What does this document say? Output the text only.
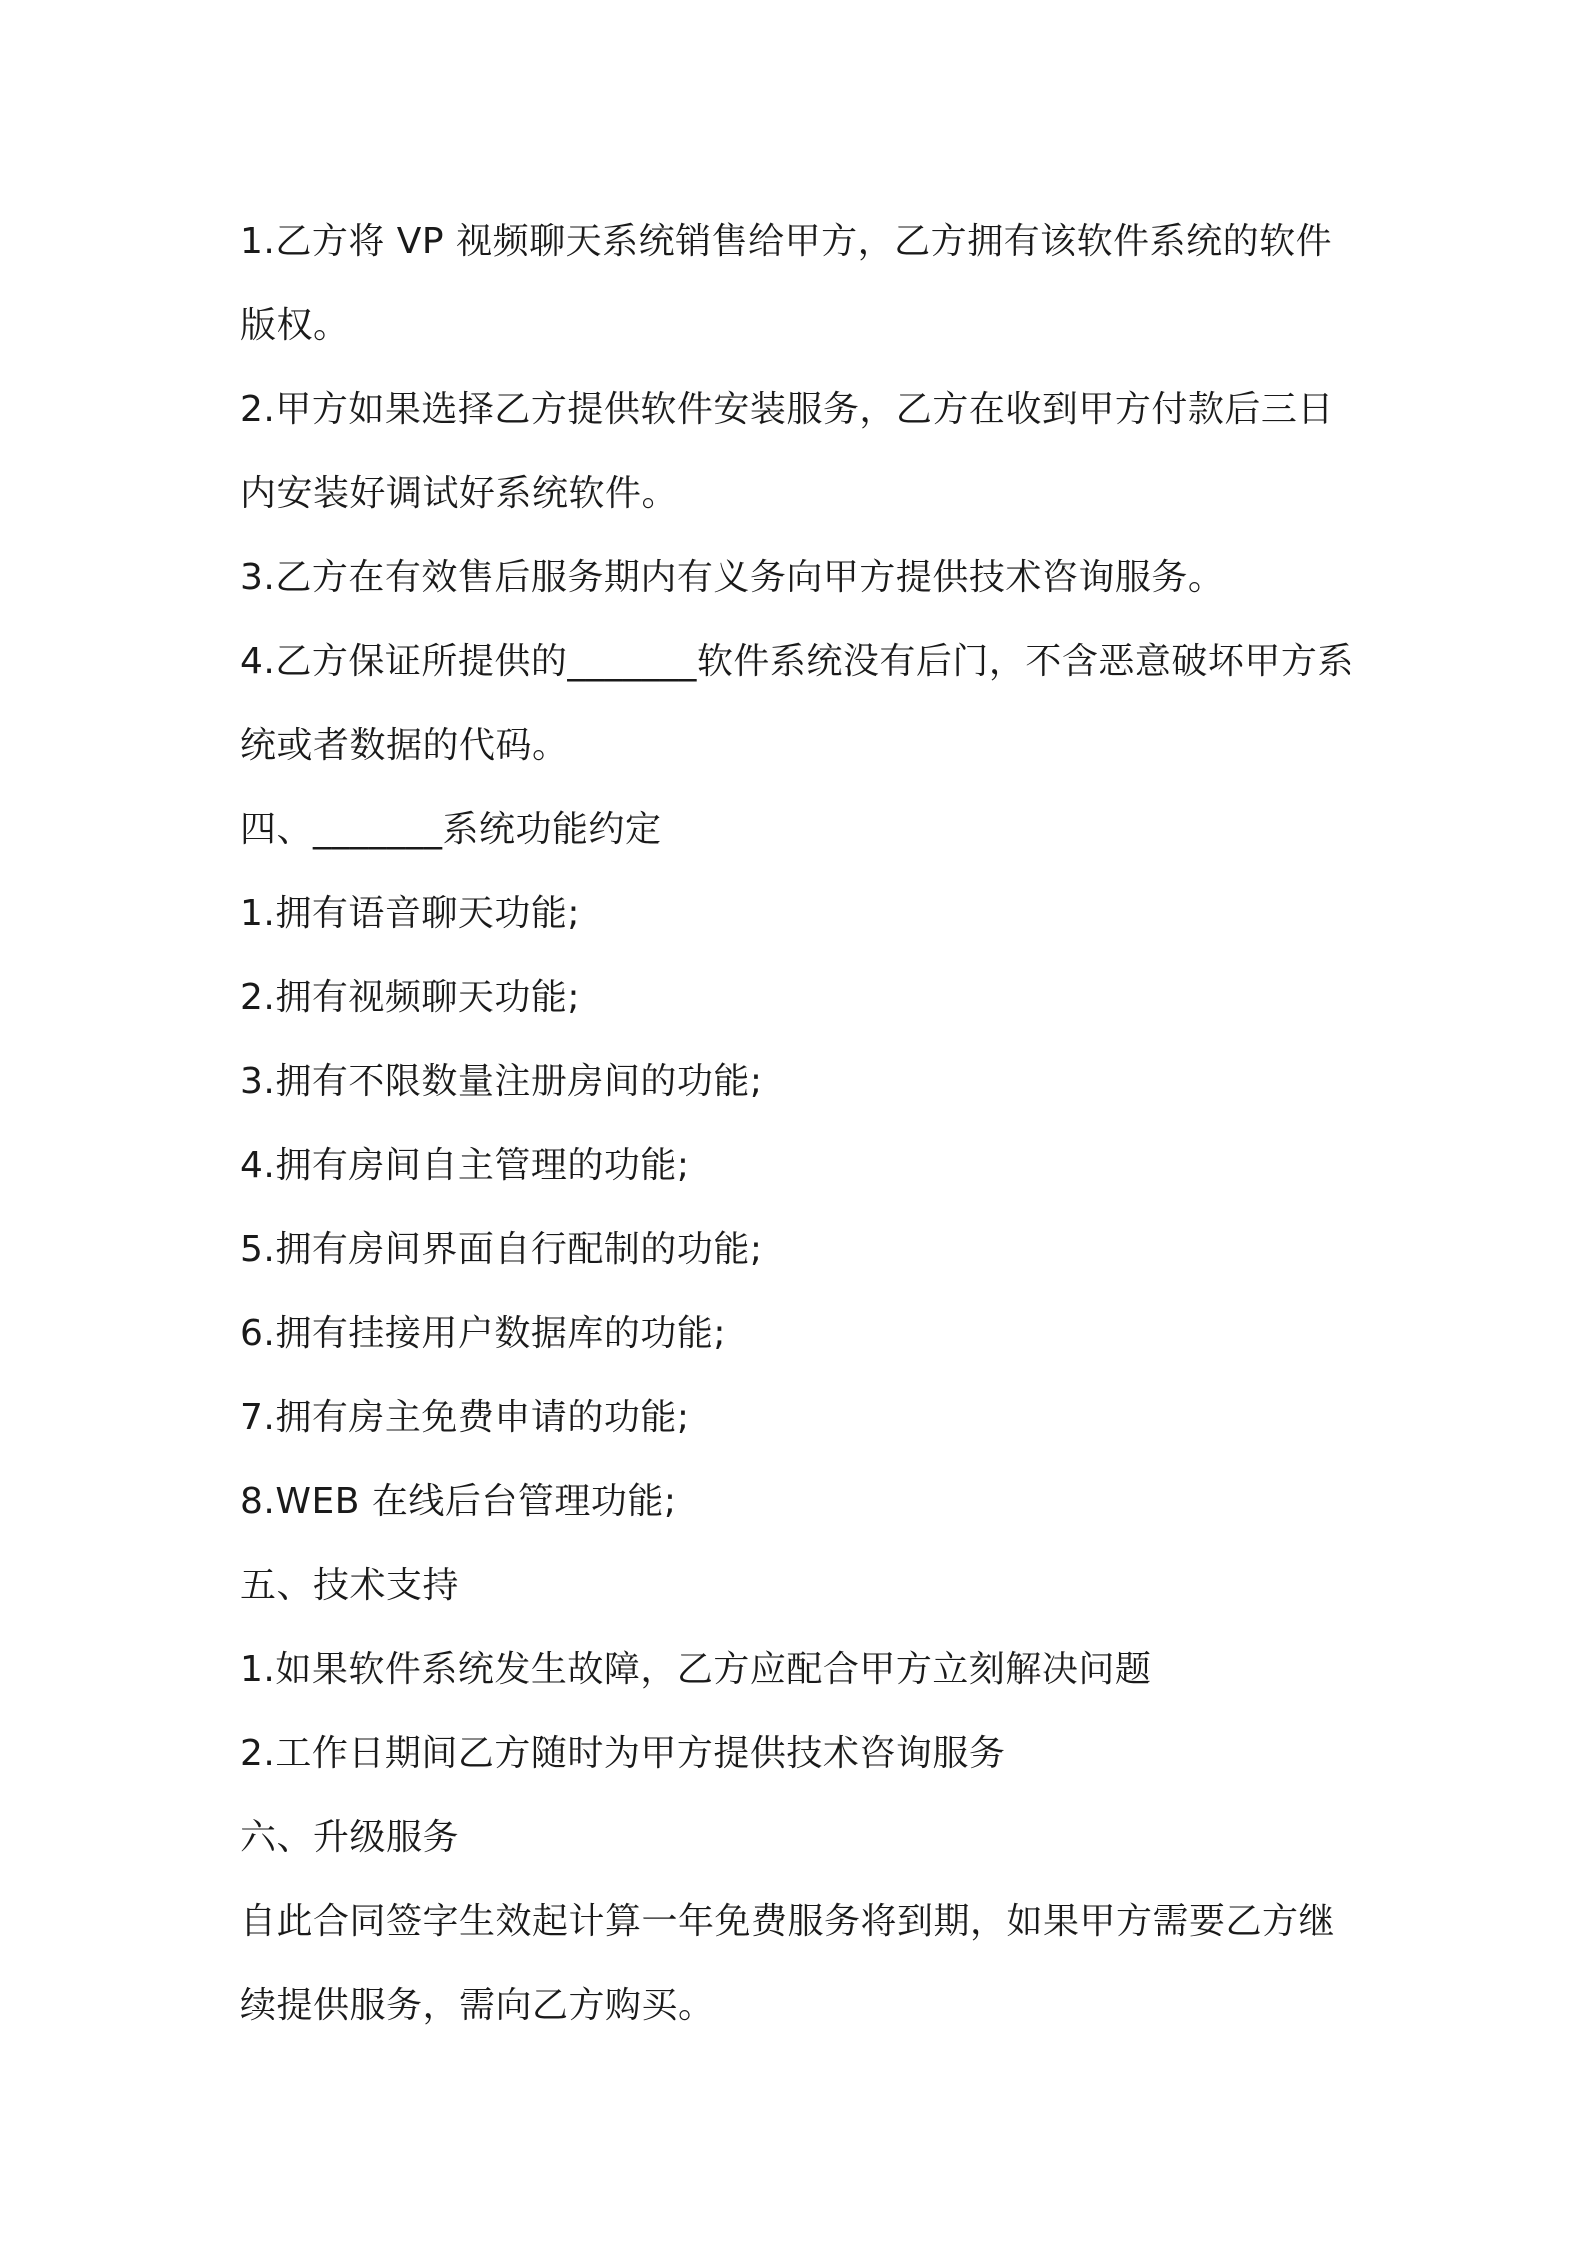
1.乙方将 VP 视频聊天系统销售给甲方，乙方拥有该软件系统的软件版权。

2.甲方如果选择乙方提供软件安装服务，乙方在收到甲方付款后三日内安装好调试好系统软件。

3.乙方在有效售后服务期内有义务向甲方提供技术咨询服务。

4.乙方保证所提供的_______软件系统没有后门，不含恶意破坏甲方系统或者数据的代码。

四、_______系统功能约定

1.拥有语音聊天功能;

2.拥有视频聊天功能;

3.拥有不限数量注册房间的功能;

4.拥有房间自主管理的功能;

5.拥有房间界面自行配制的功能;

6.拥有挂接用户数据库的功能;

7.拥有房主免费申请的功能;

8.WEB 在线后台管理功能;

五、技术支持

1.如果软件系统发生故障，乙方应配合甲方立刻解决问题

2.工作日期间乙方随时为甲方提供技术咨询服务

六、升级服务

自此合同签字生效起计算一年免费服务将到期，如果甲方需要乙方继续提供服务，需向乙方购买。
